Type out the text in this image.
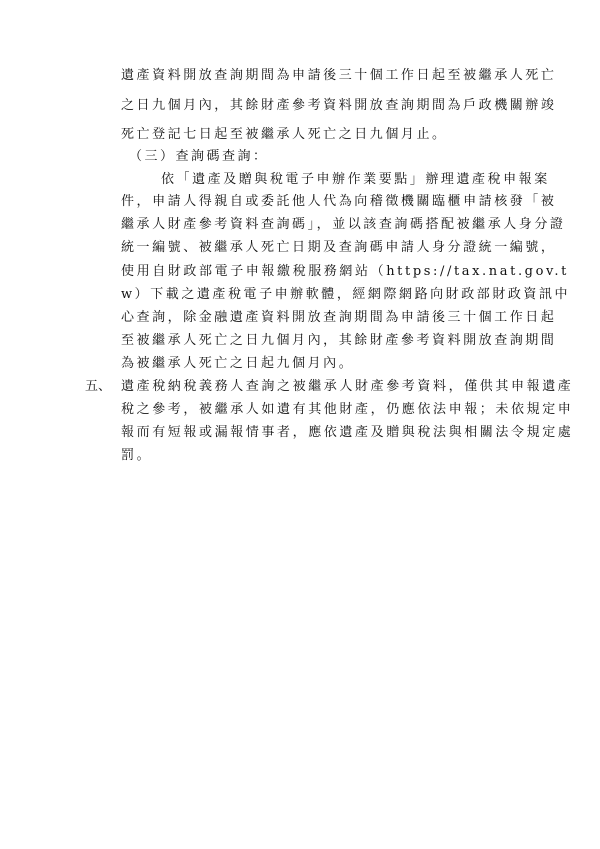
遺產資料開放查詢期間為申請後三十個工作日起至被繼承人死亡
之日九個月內，其餘財產參考資料開放查詢期間為戶政機關辦竣
死亡登記七日起至被繼承人死亡之日九個月止。
（三）查詢碼查詢：
依「遺產及贈與稅電子申辦作業要點」辦理遺產稅申報案
件，申請人得親自或委託他人代為向稽徵機關臨櫃申請核發「被
繼承人財產參考資料查詢碼」，並以該查詢碼搭配被繼承人身分證
統一編號、被繼承人死亡日期及查詢碼申請人身分證統一編號，
使用自財政部電子申報繳稅服務網站（https://tax.nat.gov.t
w）下載之遺產稅電子申辦軟體，經網際網路向財政部財政資訊中
心查詢，除金融遺產資料開放查詢期間為申請後三十個工作日起
至被繼承人死亡之日九個月內，其餘財產參考資料開放查詢期間
為被繼承人死亡之日起九個月內。
五、 遺產稅納稅義務人查詢之被繼承人財產參考資料，僅供其申報遺產
稅之參考，被繼承人如遺有其他財產，仍應依法申報；未依規定申
報而有短報或漏報情事者，應依遺產及贈與稅法與相關法令規定處
罰。
